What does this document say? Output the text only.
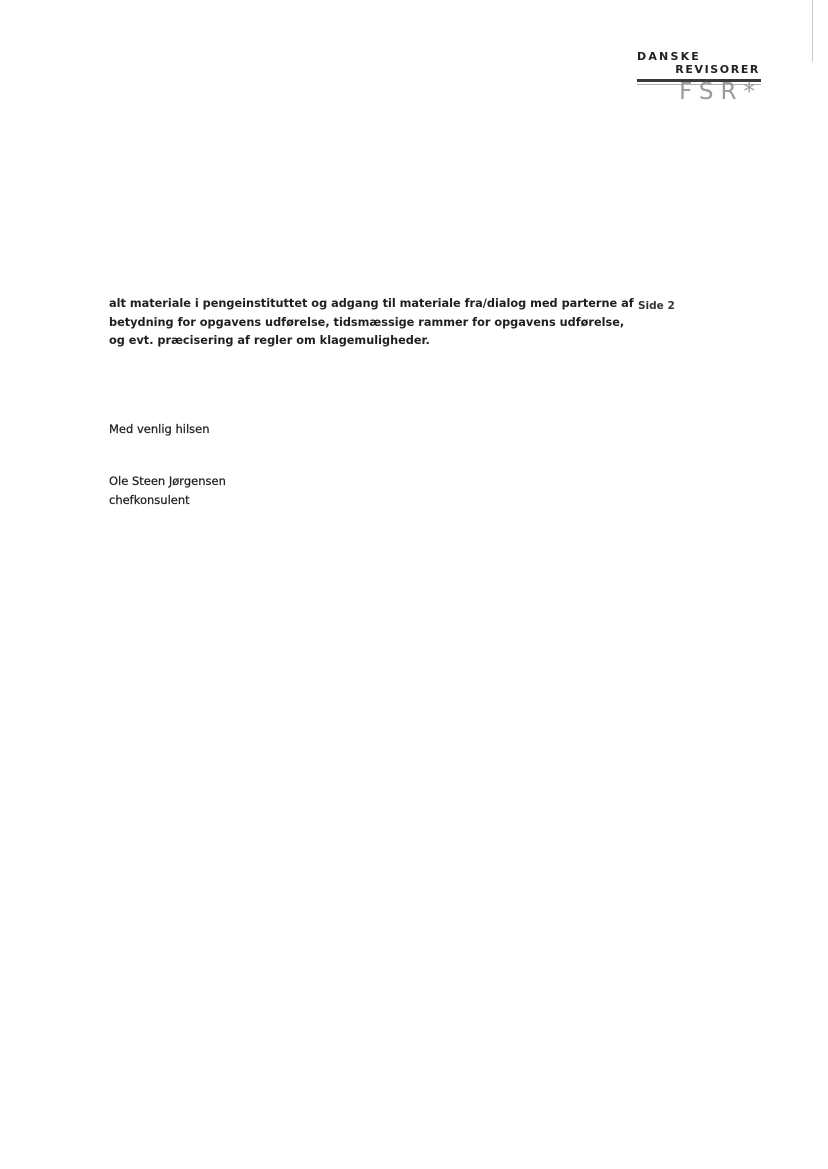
DANSKE
REVISORER
FSR*
Side 2
alt materiale i pengeinstituttet og adgang til materiale fra/dialog med parterne af
betydning for opgavens udførelse, tidsmæssige rammer for opgavens udførelse,
og evt. præcisering af regler om klagemuligheder.
Med venlig hilsen
Ole Steen Jørgensen
chefkonsulent
